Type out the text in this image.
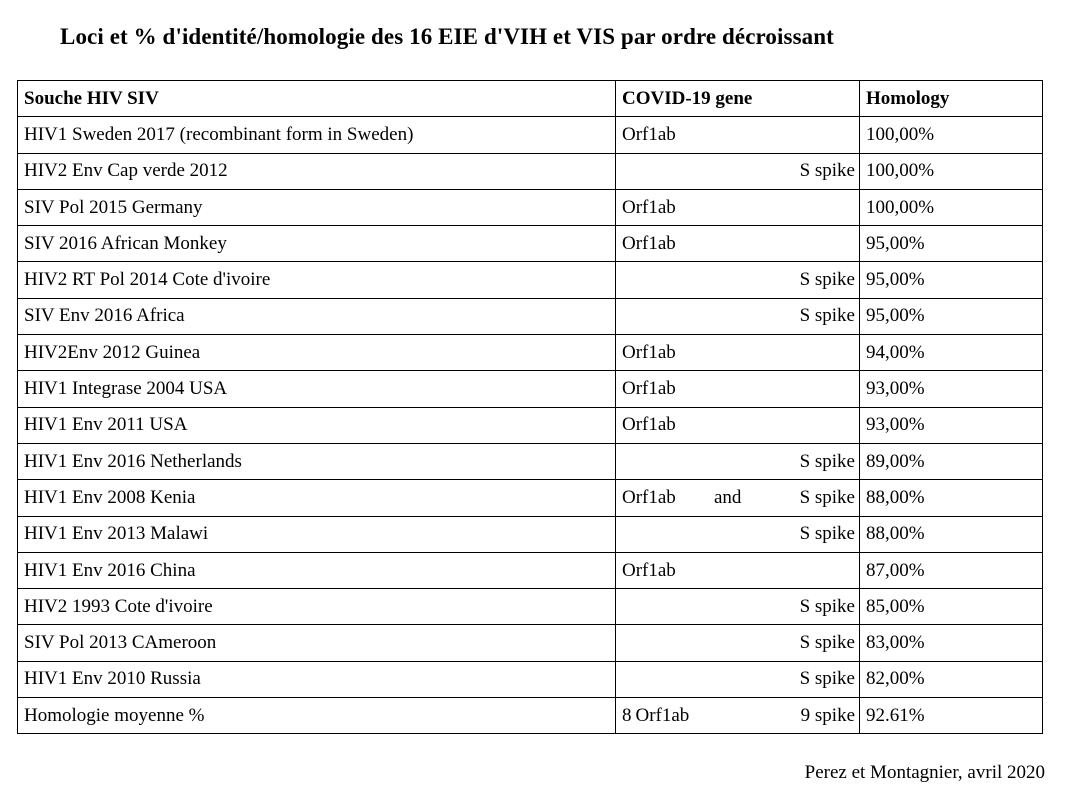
Loci et % d'identité/homologie des 16 EIE d'VIH et VIS par ordre décroissant
Souche HIV SIV	COVID-19 gene	Homology
HIV1 Sweden 2017 (recombinant form in Sweden)	Orf1ab	100,00%
HIV2 Env Cap verde 2012	S spike	100,00%
SIV Pol 2015 Germany	Orf1ab	100,00%
SIV 2016 African Monkey	Orf1ab	95,00%
HIV2 RT Pol 2014 Cote d'ivoire	S spike	95,00%
SIV Env 2016 Africa	S spike	95,00%
HIV2Env 2012 Guinea	Orf1ab	94,00%
HIV1 Integrase 2004 USA	Orf1ab	93,00%
HIV1 Env 2011 USA	Orf1ab	93,00%
HIV1 Env 2016 Netherlands	S spike	89,00%
HIV1 Env 2008 Kenia	Orf1ab and S spike	88,00%
HIV1 Env 2013 Malawi	S spike	88,00%
HIV1 Env 2016 China	Orf1ab	87,00%
HIV2 1993 Cote d'ivoire	S spike	85,00%
SIV Pol 2013 CAmeroon	S spike	83,00%
HIV1 Env 2010 Russia	S spike	82,00%
Homologie moyenne %	8 Orf1ab 9 spike	92.61%
Perez et Montagnier, avril 2020
